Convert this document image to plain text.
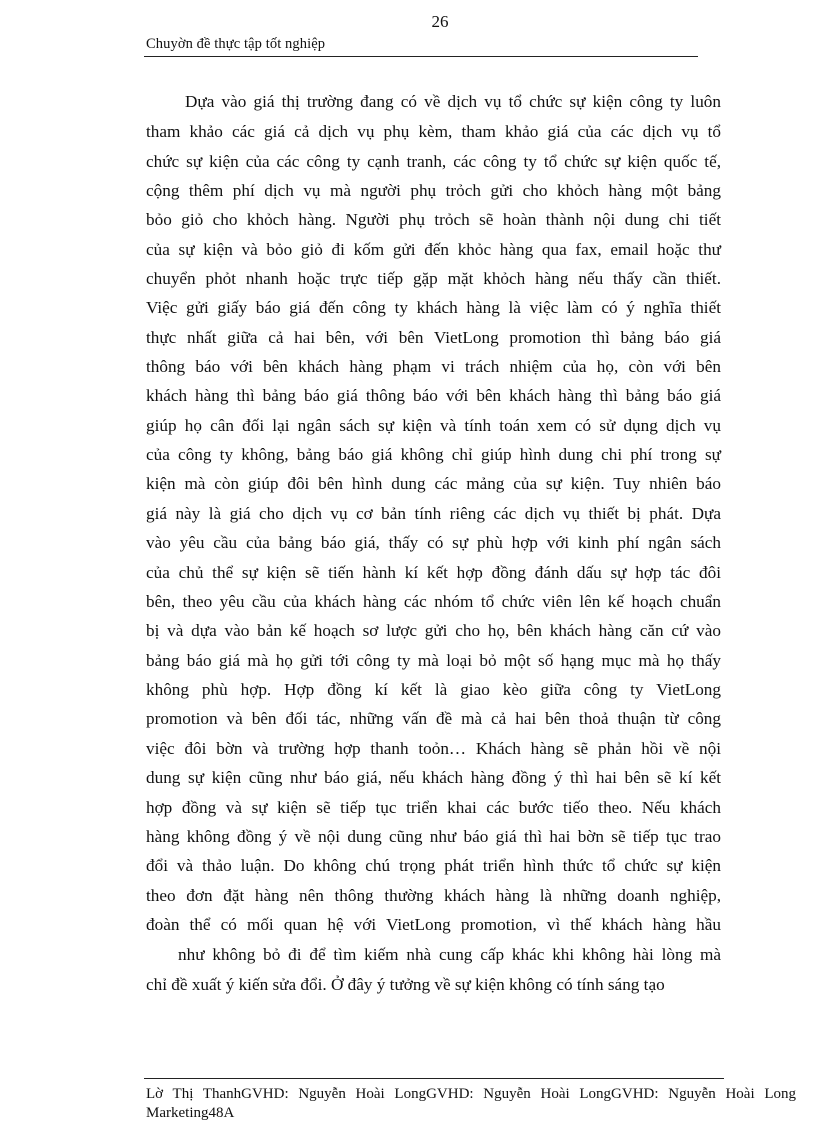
26
Chuyờn đề thực tập tốt nghiệp
Dựa vào giá thị trường đang có về dịch vụ tổ chức sự kiện công ty luôn
tham khảo các giá cả dịch vụ phụ kèm, tham khảo giá của các dịch vụ tổ
chức sự kiện của các công ty cạnh tranh, các công ty tổ chức sự kiện quốc tế,
cộng thêm phí dịch vụ mà người phụ trỏch gửi cho khỏch hàng một bảng
bỏo giỏ cho khỏch hàng. Người phụ trỏch sẽ hoàn thành nội dung chi tiết
của sự kiện và bỏo giỏ đi kốm gửi đến khỏc hàng qua fax, email hoặc thư
chuyển phỏt nhanh hoặc trực tiếp gặp mặt khỏch hàng nếu thấy cần thiết.
Việc gửi giấy báo giá đến công ty khách hàng là việc làm có ý nghĩa thiết
thực nhất giữa cả hai bên, với bên VietLong promotion thì bảng báo giá
thông báo với bên khách hàng phạm vi trách nhiệm của họ, còn với bên
khách hàng thì bảng báo giá thông báo với bên khách hàng thì bảng báo giá
giúp họ cân đối lại ngân sách sự kiện và tính toán xem có sử dụng dịch vụ
của công ty không, bảng báo giá không chỉ giúp hình dung chi phí trong sự
kiện mà còn giúp đôi bên hình dung các mảng của sự kiện. Tuy nhiên báo
giá này là giá cho dịch vụ cơ bản tính riêng các dịch vụ thiết bị phát. Dựa
vào yêu cầu của bảng báo giá, thấy có sự phù hợp với kinh phí ngân sách
của chủ thể sự kiện sẽ tiến hành kí kết hợp đồng đánh dấu sự hợp tác đôi
bên, theo yêu cầu của khách hàng các nhóm tổ chức viên lên kế hoạch chuẩn
bị và dựa vào bản kế hoạch sơ lược gửi cho họ, bên khách hàng căn cứ vào
bảng báo giá mà họ gửi tới công ty mà loại bỏ một số hạng mục mà họ thấy
không phù hợp. Hợp đồng kí kết là giao kèo giữa công ty VietLong
promotion và bên đối tác, những vấn đề mà cả hai bên thoả thuận từ công
việc đôi bờn và trường hợp thanh toỏn… Khách hàng sẽ phản hồi về nội
dung sự kiện cũng như báo giá, nếu khách hàng đồng ý thì hai bên sẽ kí kết
hợp đồng và sự kiện sẽ tiếp tục triển khai các bước tiếo theo. Nếu khách
hàng không đồng ý về nội dung cũng như báo giá thì hai bờn sẽ tiếp tục trao
đổi và thảo luận. Do không chú trọng phát triển hình thức tổ chức sự kiện
theo đơn đặt hàng nên thông thường khách hàng là những doanh nghiệp,
đoàn thể có mối quan hệ với VietLong promotion, vì thế khách hàng hầu
như không bỏ đi để tìm kiếm nhà cung cấp khác khi không hài lòng mà
chỉ đề xuất ý kiến sửa đổi. Ở đây ý tưởng về sự kiện không có tính sáng tạo
Lờ Thị ThanhGVHD: Nguyễn Hoài LongGVHD: Nguyễn Hoài LongGVHD: Nguyễn Hoài Long
Marketing48A
